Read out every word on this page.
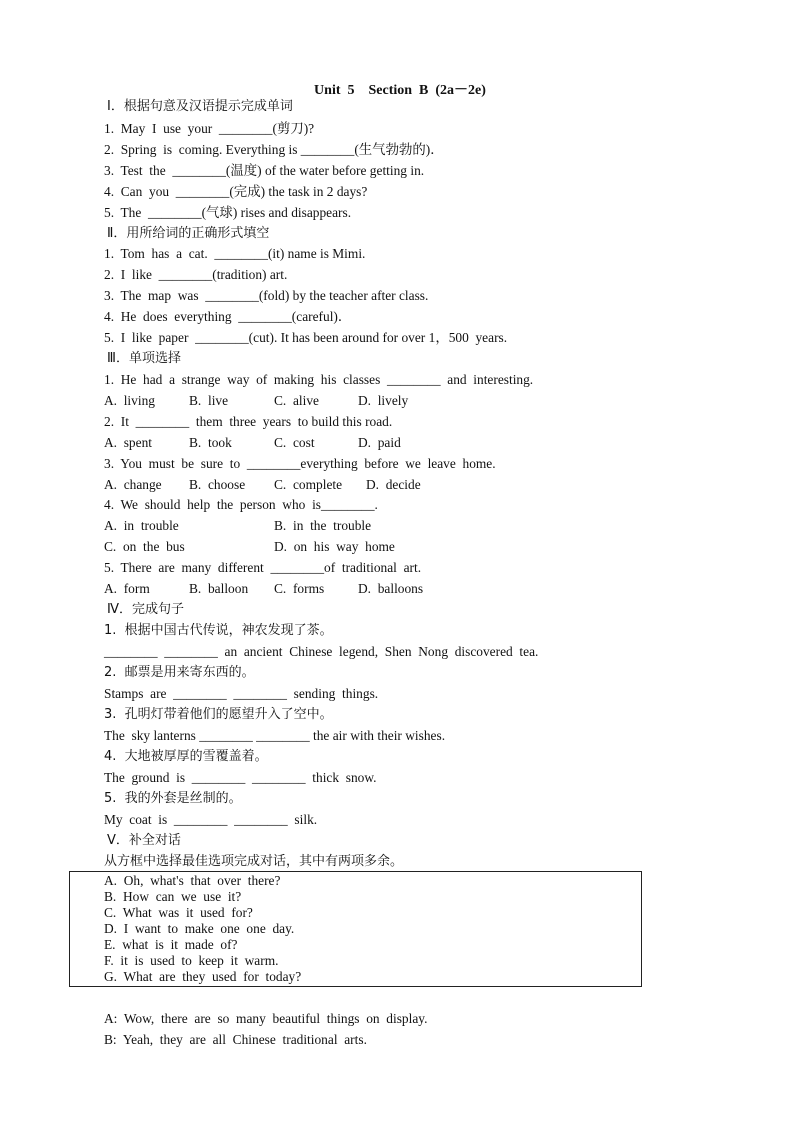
Unit  5    Section  B  (2a－2e)
Ⅰ．根据句意及汉语提示完成单词
1.  May  I  use  your  ________(剪刀)?
2.  Spring  is  coming. Everything is ________(生气勃勃的)．
3.  Test  the  ________(温度) of the water before getting in.
4.  Can  you  ________(完成) the task in 2 days?
5.  The  ________(气球) rises and disappears.
Ⅱ．用所给词的正确形式填空
1.  Tom  has  a  cat.  ________(it) name is Mimi.
2.  I  like  ________(tradition) art.
3.  The  map  was  ________(fold) by the teacher after class.
4.  He  does  everything  ________(careful)．
5.  I  like  paper  ________(cut). It has been around for over 1，500  years.
Ⅲ．单项选择
1.  He  had  a  strange  way  of  making  his  classes  ________  and  interesting.
A.  living	B.  live	C.  alive	D.  lively
2.  It  ________  them  three  years  to build this road.
A.  spent	B.  took	C.  cost	D.  paid
3.  You  must  be  sure  to  ________everything  before  we  leave  home.
A.  change B.  choose C.  complete D.  decide
4.  We  should  help  the  person  who  is________.
A.  in  trouble	B.  in  the  trouble
C.  on  the  bus	D.  on  his  way  home
5.  There  are  many  different  ________of  traditional  art.
A.  form	B.  balloon C.  forms	D.  balloons
Ⅳ．完成句子
1.  根据中国古代传说，神农发现了茶。
________  ________  an  ancient  Chinese  legend,  Shen  Nong  discovered  tea.
2.  邮票是用来寄东西的。
Stamps  are  ________  ________  sending  things.
3.  孔明灯带着他们的愿望升入了空中。
The  sky lanterns ________ ________ the air with their wishes.
4.  大地被厚厚的雪覆盖着。
The  ground  is  ________  ________  thick  snow.
5.  我的外套是丝制的。
My  coat  is  ________  ________  silk.
Ⅴ．补全对话
从方框中选择最佳选项完成对话，其中有两项多余。
A.  Oh,  what's  that  over  there?
B.  How  can  we  use  it?
C.  What  was  it  used  for?
D.  I  want  to  make  one  one  day.
E.  what  is  it  made  of?
F.  it  is  used  to  keep  it  warm.
G.  What  are  they  used  for  today?
A:  Wow,  there  are  so  many  beautiful  things  on  display.
B:  Yeah,  they  are  all  Chinese  traditional  arts.
